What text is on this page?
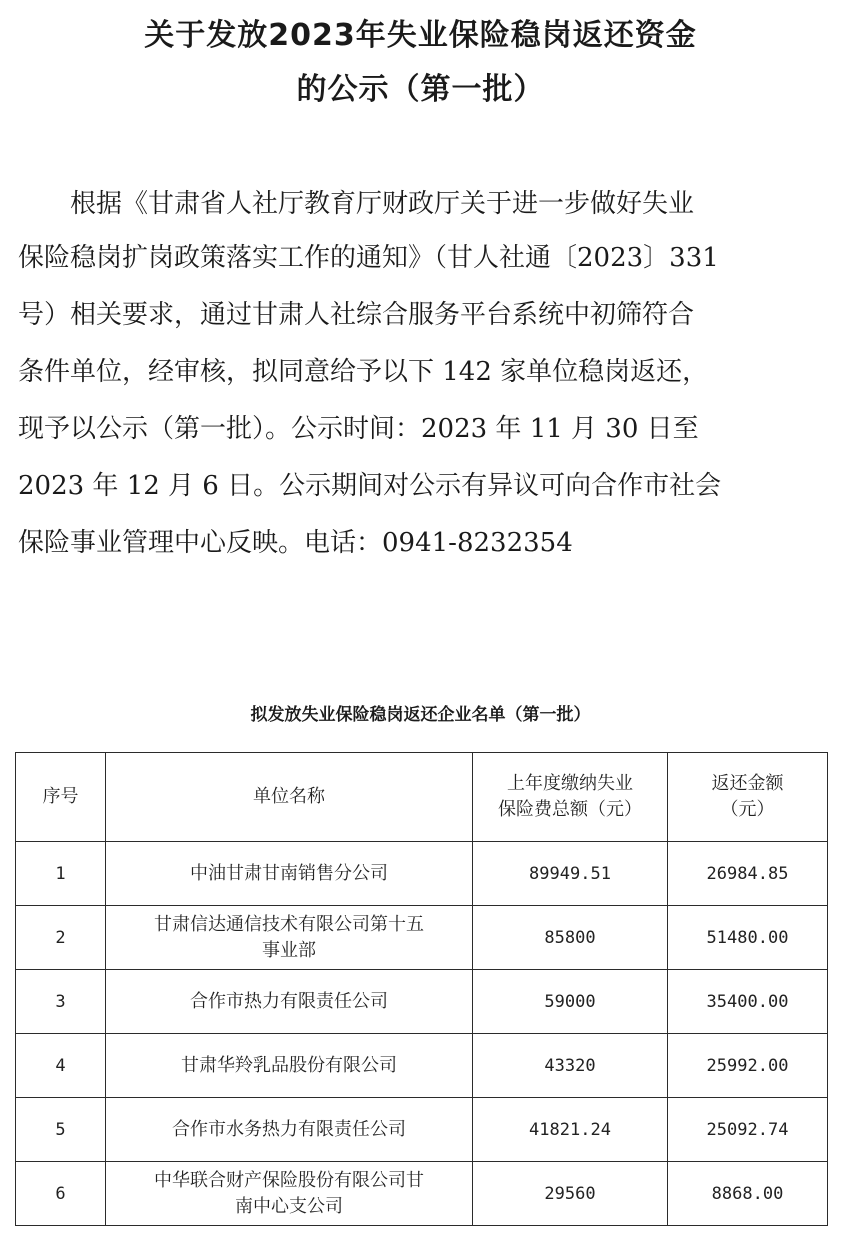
关于发放2023年失业保险稳岗返还资金
的公示（第一批）

根据《甘肃省人社厅教育厅财政厅关于进一步做好失业

保险稳岗扩岗政策落实工作的通知》（甘人社通〔2023〕331

号）相关要求，通过甘肃人社综合服务平台系统中初筛符合

条件单位，经审核，拟同意给予以下 142 家单位稳岗返还，

现予以公示（第一批）。公示时间：2023 年 11 月 30 日至

2023 年 12 月 6 日。公示期间对公示有异议可向合作市社会

保险事业管理中心反映。电话：0941-8232354

拟发放失业保险稳岗返还企业名单（第一批）
序号	单位名称	上年度缴纳失业
保险费总额（元）	返还金额
（元）
1	中油甘肃甘南销售分公司	89949.51	26984.85
2	甘肃信达通信技术有限公司第十五
事业部	85800	51480.00
3	合作市热力有限责任公司	59000	35400.00
4	甘肃华羚乳品股份有限公司	43320	25992.00
5	合作市水务热力有限责任公司	41821.24	25092.74
6	中华联合财产保险股份有限公司甘
南中心支公司	29560	8868.00
